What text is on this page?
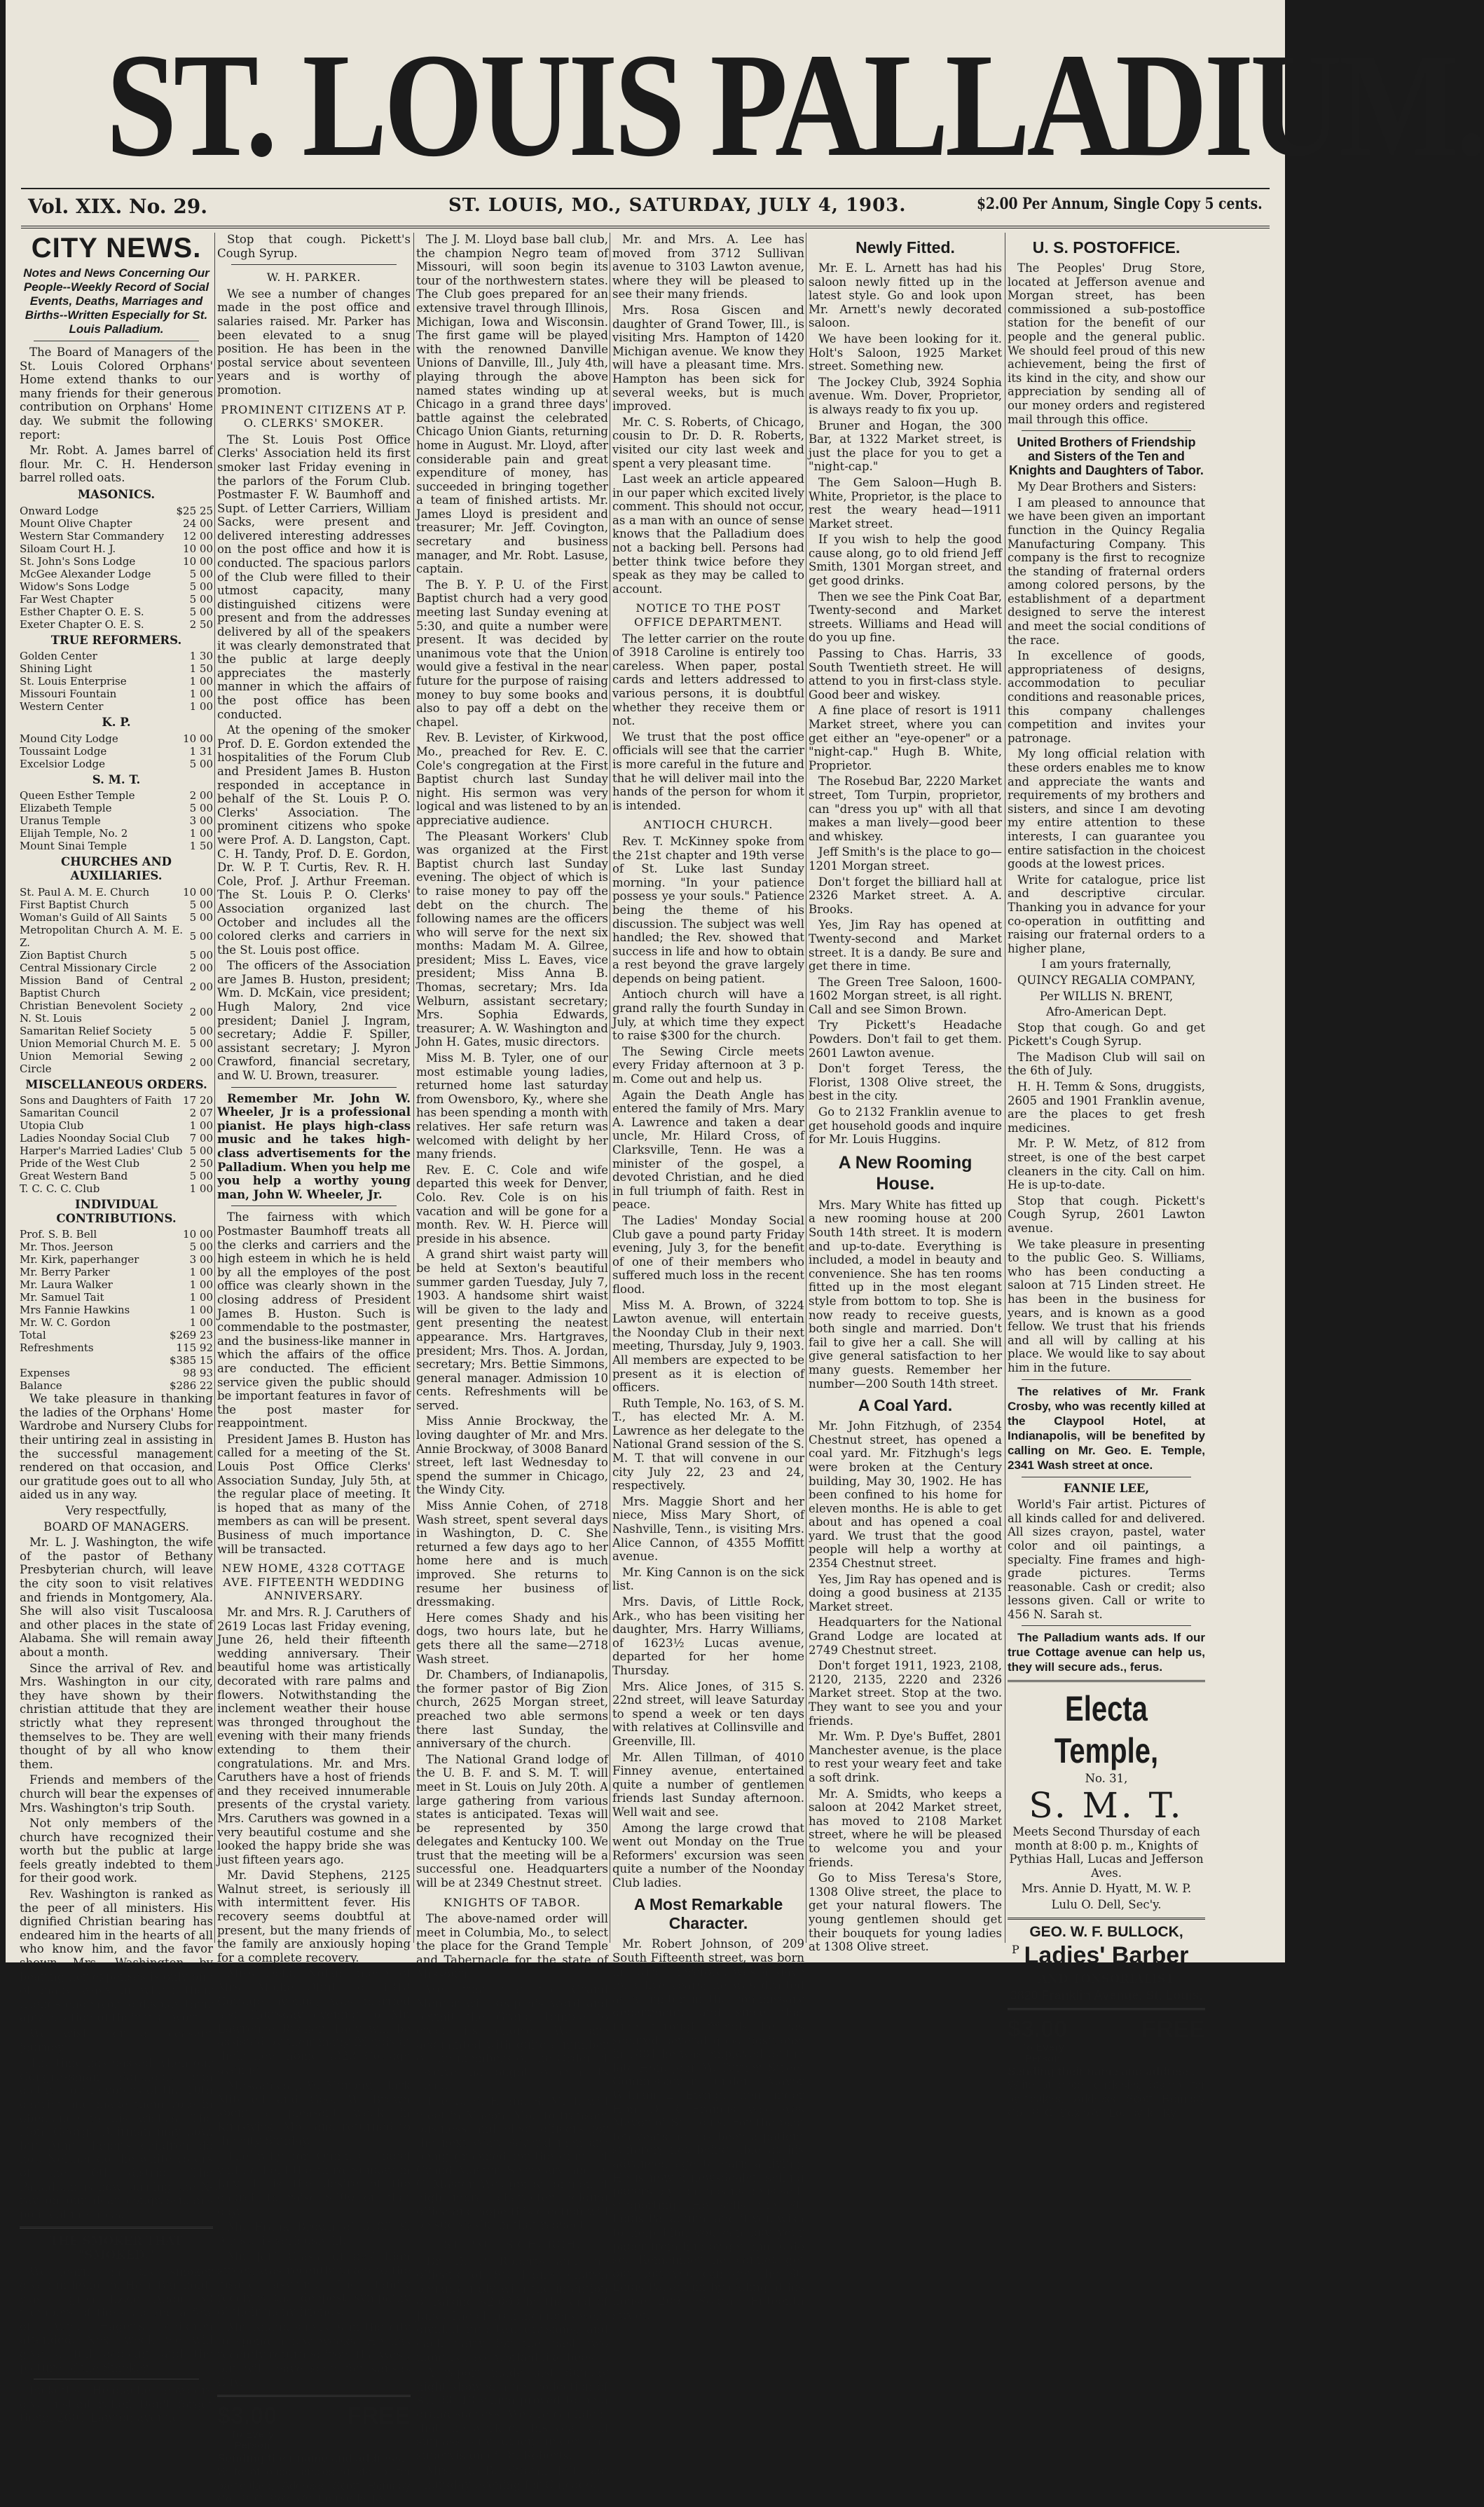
ST. LOUIS PALLADIUM.
Vol. XIX. No. 29.	ST. LOUIS, MO., SATURDAY, JULY 4, 1903.	$2.00 Per Annum, Single Copy 5 cents.
CITY NEWS.
Notes and News Concerning Our People--Weekly Record of Social Events, Deaths, Marriages and Births--Written Especially for St. Louis Palladium.

The Board of Managers of the St. Louis Colored Orphans' Home extend thanks to our many friends for their generous contribution on Orphans' Home day. We submit the following report:

Mr. Robt. A. James barrel of flour. Mr. C. H. Henderson barrel rolled oats.

MASONICS.
Onward Lodge	$25 25
Mount Olive Chapter	24 00
Western Star Commandery	12 00
Siloam Court H. J.	10 00
St. John's Sons Lodge	10 00
McGee Alexander Lodge	5 00
Widow's Sons Lodge	5 00
Far West Chapter	5 00
Esther Chapter O. E. S.	5 00
Exeter Chapter O. E. S.	2 50
TRUE REFORMERS.
Golden Center	1 30
Shining Light	1 50
St. Louis Enterprise	1 00
Missouri Fountain	1 00
Western Center	1 00
K. P.
Mound City Lodge	10 00
Toussaint Lodge	1 31
Excelsior Lodge	5 00
S. M. T.
Queen Esther Temple	2 00
Elizabeth Temple	5 00
Uranus Temple	3 00
Elijah Temple, No. 2	1 00
Mount Sinai Temple	1 50
CHURCHES AND AUXILIARIES.
St. Paul A. M. E. Church	10 00
First Baptist Church	5 00
Woman's Guild of All Saints	5 00
Metropolitan Church A. M. E. Z.	5 00
Zion Baptist Church	5 00
Central Missionary Circle	2 00
Mission Band of Central Baptist Church	2 00
Christian Benevolent Society N. St. Louis	2 00
Samaritan Relief Society	5 00
Union Memorial Church M. E.	5 00
Union Memorial Sewing Circle	2 00
MISCELLANEOUS ORDERS.
Sons and Daughters of Faith	17 20
Samaritan Council	2 07
Utopia Club	1 00
Ladies Noonday Social Club	7 00
Harper's Married Ladies' Club	5 00
Pride of the West Club	2 50
Great Western Band	5 00
T. C. C. C. Club	1 00
INDIVIDUAL CONTRIBUTIONS.
Prof. S. B. Bell	10 00
Mr. Thos. Jeerson	5 00
Mr. Kirk, paperhanger	3 00
Mr. Berry Parker	1 00
Mr. Laura Walker	1 00
Mr. Samuel Tait	1 00
Mrs Fannie Hawkins	1 00
Mr. W. C. Gordon	1 00
Total	$269 23
Refreshments	115 92
	$385 15
Expenses	98 93
Balance	$286 22

We take pleasure in thanking the ladies of the Orphans' Home Wardrobe and Nursery Clubs for their untiring zeal in assisting in the successful management rendered on that occasion, and our gratitude goes out to all who aided us in any way.

Very respectfully,

BOARD OF MANAGERS.

Mr. L. J. Washington, the wife of the pastor of Bethany Presbyterian church, will leave the city soon to visit relatives and friends in Montgomery, Ala. She will also visit Tuscaloosa and other places in the state of Alabama. She will remain away about a month.

Since the arrival of Rev. and Mrs. Washington in our city, they have shown by their christian attitude that they are strictly what they represent themselves to be. They are well thought of by all who know them.

Friends and members of the church will bear the expenses of Mrs. Washington's trip South.

Not only members of the church have recognized their worth but the public at large feels greatly indebted to them for their good work.

Rev. Washington is ranked as the peer of all ministers. His dignified Christian bearing has endeared him in the hearts of all who know him, and the favor shown Mrs. Washington by bearing her expenses is only one of many ways in which their friends endeavor to display their appreciation of their true worth.

We wish her a pleasant journey.

The time has passed when our Congressman Bartholdt can dictate to the voters of the 10th district and make them vote in obedience to his wishes. The Hon. George Beirman may bow, but Aunt Hager's children do not. Neither do the white voters of the 10th district. The Palladium is now turning the X-ray on our dear congressman's political methods.

THE SMOKER THAT "SMOKED."

We learn that the smoker given in honor of Herr Bartholdt was a great fizzle. About 50 members of the club and a few of Aunt Hager's children attended. Next week we will give a full account and the picture of the Smoker.

Pickett's Headache Powders give instant relief. Don't forget them. 2601 Lawton avenue.

Stop that cough. Pickett's Cough Syrup.

W. H. PARKER.

We see a number of changes made in the post office and salaries raised. Mr. Parker has been elevated to a snug position. He has been in the postal service about seventeen years and is worthy of promotion.

PROMINENT CITIZENS AT P. O. CLERKS' SMOKER.

The St. Louis Post Office Clerks' Association held its first smoker last Friday evening in the parlors of the Forum Club. Postmaster F. W. Baumhoff and Supt. of Letter Carriers, William Sacks, were present and delivered interesting addresses on the post office and how it is conducted. The spacious parlors of the Club were filled to their utmost capacity, many distinguished citizens were present and from the addresses delivered by all of the speakers it was clearly demonstrated that the public at large deeply appreciates the masterly manner in which the affairs of the post office has been conducted.

At the opening of the smoker Prof. D. E. Gordon extended the hospitalities of the Forum Club and President James B. Huston responded in acceptance in behalf of the St. Louis P. O. Clerks' Association. The prominent citizens who spoke were Prof. A. D. Langston, Capt. C. H. Tandy, Prof. D. E. Gordon, Dr. W. P. T. Curtis, Rev. R. H. Cole, Prof. J. Arthur Freeman. The St. Louis P. O. Clerks' Association organized last October and includes all the colored clerks and carriers in the St. Louis post office.

The officers of the Association are James B. Huston, president; Wm. D. McKain, vice president; Hugh Malory, 2nd vice president; Daniel J. Ingram, secretary; Addie F. Spiller, assistant secretary; J. Myron Crawford, financial secretary, and W. U. Brown, treasurer.

Remember Mr. John W. Wheeler, Jr is a professional pianist. He plays high-class music and he takes high-class advertisements for the Palladium. When you help me you help a worthy young man, John W. Wheeler, Jr.

The fairness with which Postmaster Baumhoff treats all the clerks and carriers and the high esteem in which he is held by all the employes of the post office was clearly shown in the closing address of President James B. Huston. Such is commendable to the postmaster, and the business-like manner in which the affairs of the office are conducted. The efficient service given the public should be important features in favor of the post master for reappointment.

President James B. Huston has called for a meeting of the St. Louis Post Office Clerks' Association Sunday, July 5th, at the regular place of meeting. It is hoped that as many of the members as can will be present. Business of much importance will be transacted.

NEW HOME, 4328 COTTAGE AVE. FIFTEENTH WEDDING ANNIVERSARY.

Mr. and Mrs. R. J. Caruthers of 2619 Locas last Friday evening, June 26, held their fifteenth wedding anniversary. Their beautiful home was artistically decorated with rare palms and flowers. Notwithstanding the inclement weather their house was thronged throughout the evening with their many friends extending to them their congratulations. Mr. and Mrs. Caruthers have a host of friends and they received innumerable presents of the crystal variety. Mrs. Caruthers was gowned in a very beautiful costume and she looked the happy bride she was just fifteen years ago.

Mr. David Stephens, 2125 Walnut street, is seriously ill with intermittent fever. His recovery seems doubtful at present, but the many friends of the family are anxiously hoping for a complete recovery.

Miss Della Nolan, niece of Mrs. Mollie Offutt, of 4318 Cottage avenue, was married last Thursday evening to Mr. Lawrence Rucker. They will be assisted by their many friends at their new home 4328 Cottage avenue.

Mesdames J. W. Murphy, Clark Mitchell and Geo. W. Brown spent a pleasant week in Kimswick, Mo., and returned to the city Sunday.

The rally for Quinn's Chapel will be held the third Sunday in July. It is the desire of the church to raise $300 on that day.

Mr. Frank Brown of 6103 S. 9th st., is seriously ill.

Mr. Jeff. Glass, of 827 Idon street, was recently taken to the insane asylum. The family receives the deepest sympathy of their many friends.

Mr. Riland shells is in the city to spend a few weeks. He has recently returned from the West, but will leave soon for Kansas City.

$3.00 FREE To Every Person
Sending their name and address.
Write at once, enclosing stamp, for particulars. Address Scott Remedy Co., P. O. Box 570, Louisville, Ky.

The J. M. Lloyd base ball club, the champion Negro team of Missouri, will soon begin its tour of the northwestern states. The Club goes prepared for an extensive travel through Illinois, Michigan, Iowa and Wisconsin. The first game will be played with the renowned Danville Unions of Danville, Ill., July 4th, playing through the above named states winding up at Chicago in a grand three days' battle against the celebrated Chicago Union Giants, returning home in August. Mr. Lloyd, after considerable pain and great expenditure of money, has succeeded in bringing together a team of finished artists. Mr. James Lloyd is president and treasurer; Mr. Jeff. Covington, secretary and business manager, and Mr. Robt. Lasuse, captain.

The B. Y. P. U. of the First Baptist church had a very good meeting last Sunday evening at 5:30, and quite a number were present. It was decided by unanimous vote that the Union would give a festival in the near future for the purpose of raising money to buy some books and also to pay off a debt on the chapel.

Rev. B. Levister, of Kirkwood, Mo., preached for Rev. E. C. Cole's congregation at the First Baptist church last Sunday night. His sermon was very logical and was listened to by an appreciative audience.

The Pleasant Workers' Club was organized at the First Baptist church last Sunday evening. The object of which is to raise money to pay off the debt on the church. The following names are the officers who will serve for the next six months: Madam M. A. Gilree, president; Miss L. Eaves, vice president; Miss Anna B. Thomas, secretary; Mrs. Ida Welburn, assistant secretary; Mrs. Sophia Edwards, treasurer; A. W. Washington and John H. Gates, music directors.

Miss M. B. Tyler, one of our most estimable young ladies, returned home last saturday from Owensboro, Ky., where she has been spending a month with relatives. Her safe return was welcomed with delight by her many friends.

Rev. E. C. Cole and wife departed this week for Denver, Colo. Rev. Cole is on his vacation and will be gone for a month. Rev. W. H. Pierce will preside in his absence.

A grand shirt waist party will be held at Sexton's beautiful summer garden Tuesday, July 7, 1903. A handsome shirt waist will be given to the lady and gent presenting the neatest appearance. Mrs. Hartgraves, president; Mrs. Thos. A. Jordan, secretary; Mrs. Bettie Simmons, general manager. Admission 10 cents. Refreshments will be served.

Miss Annie Brockway, the loving daughter of Mr. and Mrs. Annie Brockway, of 3008 Banard street, left last Wednesday to spend the summer in Chicago, the Windy City.

Miss Annie Cohen, of 2718 Wash street, spent several days in Washington, D. C. She returned a few days ago to her home here and is much improved. She returns to resume her business of dressmaking.

Here comes Shady and his dogs, two hours late, but he gets there all the same—2718 Wash street.

Dr. Chambers, of Indianapolis, the former pastor of Big Zion church, 2625 Morgan street, preached two able sermons there last Sunday, the anniversary of the church.

The National Grand lodge of the U. B. F. and S. M. T. will meet in St. Louis on July 20th. A large gathering from various states is anticipated. Texas will be represented by 350 delegates and Kentucky 100. We trust that the meeting will be a successful one. Headquarters will be at 2349 Chestnut street.

KNIGHTS OF TABOR.

The above-named order will meet in Columbia, Mo., to select the place for the Grand Temple and Tabernacle for the state of Missouri.

We trust that the Grand Mentor will keep his word and permit the Grand Temple to erect its choice. We are acquainted with quite a number of the members of the Order of Twelve that ought to be at its head.

The U. B. F. and S. M. T. will meet in Macon, Mo., to transact business and elect officers for the next year. Several men are being groomed for the office of Grand Master, Secretary and D. G. Master. We approve of men of high moral character holding office and hope this election will be successful in that respect.

ST. PAUL'S CHURCH.

Dr. D. P. Roberts and the officers of St. Paul's church began a rally with the intention of raising $2,000 by the end of June. The church members were divided into two divisions, and each party for the past two months have worked like bees.

A report made last Sunday night showed a net collection of $1,708.10 which proved to be a grand success. We are confident that the work of this year will surpass any other, under the supervision of Dr. Roberts.

Mrs. R. B. Stovall left last Thursday evening for Chicago.

Mr. and Mrs. A. Lee has moved from 3712 Sullivan avenue to 3103 Lawton avenue, where they will be pleased to see their many friends.

Mrs. Rosa Giscen and daughter of Grand Tower, Ill., is visiting Mrs. Hampton of 1420 Michigan avenue. We know they will have a pleasant time. Mrs. Hampton has been sick for several weeks, but is much improved.

Mr. C. S. Roberts, of Chicago, cousin to Dr. D. R. Roberts, visited our city last week and spent a very pleasant time.

Last week an article appeared in our paper which excited lively comment. This should not occur, as a man with an ounce of sense knows that the Palladium does not a backing bell. Persons had better think twice before they speak as they may be called to account.

NOTICE TO THE POST OFFICE DEPARTMENT.

The letter carrier on the route of 3918 Caroline is entirely too careless. When paper, postal cards and letters addressed to various persons, it is doubtful whether they receive them or not.

We trust that the post office officials will see that the carrier is more careful in the future and that he will deliver mail into the hands of the person for whom it is intended.

ANTIOCH CHURCH.

Rev. T. McKinney spoke from the 21st chapter and 19th verse of St. Luke last Sunday morning. "In your patience possess ye your souls." Patience being the theme of his discussion. The subject was well handled; the Rev. showed that success in life and how to obtain a rest beyond the grave largely depends on being patient.

Antioch church will have a grand rally the fourth Sunday in July, at which time they expect to raise $300 for the church.

The Sewing Circle meets every Friday afternoon at 3 p. m. Come out and help us.

Again the Death Angle has entered the family of Mrs. Mary A. Lawrence and taken a dear uncle, Mr. Hilard Cross, of Clarksville, Tenn. He was a minister of the gospel, a devoted Christian, and he died in full triumph of faith. Rest in peace.

The Ladies' Monday Social Club gave a pound party Friday evening, July 3, for the benefit of one of their members who suffered much loss in the recent flood.

Miss M. A. Brown, of 3224 Lawton avenue, will entertain the Noonday Club in their next meeting, Thursday, July 9, 1903. All members are expected to be present as it is election of officers.

Ruth Temple, No. 163, of S. M. T., has elected Mr. A. M. Lawrence as her delegate to the National Grand session of the S. M. T. that will convene in our city July 22, 23 and 24, respectively.

Mrs. Maggie Short and her niece, Miss Mary Short, of Nashville, Tenn., is visiting Mrs. Alice Cannon, of 4355 Moffitt avenue.

Mr. King Cannon is on the sick list.

Mrs. Davis, of Little Rock, Ark., who has been visiting her daughter, Mrs. Harry Williams, of 1623½ Lucas avenue, departed for her home Thursday.

Mrs. Alice Jones, of 315 S. 22nd street, will leave Saturday to spend a week or ten days with relatives at Collinsville and Greenville, Ill.

Mr. Allen Tillman, of 4010 Finney avenue, entertained quite a number of gentlemen friends last Sunday afternoon. Well wait and see.

Among the large crowd that went out Monday on the True Reformers' excursion was seen quite a number of the Noonday Club ladies.

A Most Remarkable Character.

Mr. Robert Johnson, of 209 South Fifteenth street, was born in 1815; therefore, was a slave forty-five years; he was drafted as a fighter in the commissary department, and since that time, through friends, he has secured several good positions; in 1881 he was employed by the late Hon. John W. Turner, Street Commissioner under Mayor William L. Ewing, then under Hon. D. R. Francis, who was Mayor of St. Louis. For the past ten years he has been a patient sufferer; not being able at his advanced age to earn a living. He is now a newsdealer, selling papers; by that means he is self-supporting. He sells the St. Louis Palladium, and if you wish to help him, you can buy your paper from him or get him to do so. Remember he cannot get out, but you can get the St. Louis Palladium by calling at his house—209 South Fifteenth street.

Newly Fitted.

Mr. E. L. Arnett has had his saloon newly fitted up in the latest style. Go and look upon Mr. Arnett's newly decorated saloon.

We have been looking for it. Holt's Saloon, 1925 Market street. Something new.

The Jockey Club, 3924 Sophia avenue. Wm. Dover, Proprietor, is always ready to fix you up.

Bruner and Hogan, the 300 Bar, at 1322 Market street, is just the place for you to get a "night-cap."

The Gem Saloon—Hugh B. White, Proprietor, is the place to rest the weary head—1911 Market street.

If you wish to help the good cause along, go to old friend Jeff Smith, 1301 Morgan street, and get good drinks.

Then we see the Pink Coat Bar, Twenty-second and Market streets. Williams and Head will do you up fine.

Passing to Chas. Harris, 33 South Twentieth street. He will attend to you in first-class style. Good beer and wiskey.

A fine place of resort is 1911 Market street, where you can get either an "eye-opener" or a "night-cap." Hugh B. White, Proprietor.

The Rosebud Bar, 2220 Market street, Tom Turpin, proprietor, can "dress you up" with all that makes a man lively—good beer and whiskey.

Jeff Smith's is the place to go—1201 Morgan street.

Don't forget the billiard hall at 2326 Market street. A. A. Brooks.

Yes, Jim Ray has opened at Twenty-second and Market street. It is a dandy. Be sure and get there in time.

The Green Tree Saloon, 1600-1602 Morgan street, is all right. Call and see Simon Brown.

Try Pickett's Headache Powders. Don't fail to get them. 2601 Lawton avenue.

Don't forget Teress, the Florist, 1308 Olive street, the best in the city.

Go to 2132 Franklin avenue to get household goods and inquire for Mr. Louis Huggins.

A New Rooming House.

Mrs. Mary White has fitted up a new rooming house at 200 South 14th street. It is modern and up-to-date. Everything is included, a model in beauty and convenience. She has ten rooms fitted up in the most elegant style from bottom to top. She is now ready to receive guests, both single and married. Don't fail to give her a call. She will give general satisfaction to her many guests. Remember her number—200 South 14th street.

A Coal Yard.

Mr. John Fitzhugh, of 2354 Chestnut street, has opened a coal yard. Mr. Fitzhugh's legs were broken at the Century building, May 30, 1902. He has been confined to his home for eleven months. He is able to get about and has opened a coal yard. We trust that the good people will help a worthy at 2354 Chestnut street.

Yes, Jim Ray has opened and is doing a good business at 2135 Market street.

Headquarters for the National Grand Lodge are located at 2749 Chestnut street.

Don't forget 1911, 1923, 2108, 2120, 2135, 2220 and 2326 Market street. Stop at the two. They want to see you and your friends.

Mr. Wm. P. Dye's Buffet, 2801 Manchester avenue, is the place to rest your weary feet and take a soft drink.

Mr. A. Smidts, who keeps a saloon at 2042 Market street, has moved to 2108 Market street, where he will be pleased to welcome you and your friends.

Go to Miss Teresa's Store, 1308 Olive street, the place to get your natural flowers. The young gentlemen should get their bouquets for young ladies at 1308 Olive street.

U. S. POSTOFFICE.

The Peoples' Drug Store, located at Jefferson avenue and Morgan street, has been commissioned a sub-postoffice station for the benefit of our people and the general public. We should feel proud of this new achievement, being the first of its kind in the city, and show our appreciation by sending all of our money orders and registered mail through this office.

United Brothers of Friendship and Sisters of the Ten and Knights and Daughters of Tabor.

My Dear Brothers and Sisters:

I am pleased to announce that we have been given an important function in the Quincy Regalia Manufacturing Company. This company is the first to recognize the standing of fraternal orders among colored persons, by the establishment of a department designed to serve the interest and meet the social conditions of the race.

In excellence of goods, appropriateness of designs, accommodation to peculiar conditions and reasonable prices, this company challenges competition and invites your patronage.

My long official relation with these orders enables me to know and appreciate the wants and requirements of my brothers and sisters, and since I am devoting my entire attention to these interests, I can guarantee you entire satisfaction in the choicest goods at the lowest prices.

Write for catalogue, price list and descriptive circular. Thanking you in advance for your co-operation in outfitting and raising our fraternal orders to a higher plane,

I am yours fraternally,

QUINCY REGALIA COMPANY,

Per WILLIS N. BRENT,

Afro-American Dept.

Stop that cough. Go and get Pickett's Cough Syrup.

The Madison Club will sail on the 6th of July.

H. H. Temm & Sons, druggists, 2605 and 1901 Franklin avenue, are the places to get fresh medicines.

Mr. P. W. Metz, of 812 from street, is one of the best carpet cleaners in the city. Call on him. He is up-to-date.

Stop that cough. Pickett's Cough Syrup, 2601 Lawton avenue.

We take pleasure in presenting to the public Geo. S. Williams, who has been conducting a saloon at 715 Linden street. He has been in the business for years, and is known as a good fellow. We trust that his friends and all will by calling at his place. We would like to say about him in the future.

The relatives of Mr. Frank Crosby, who was recently killed at the Claypool Hotel, at Indianapolis, will be benefited by calling on Mr. Geo. E. Temple, 2341 Wash street at once.

FANNIE LEE,

World's Fair artist. Pictures of all kinds called for and delivered. All sizes crayon, pastel, water color and oil paintings, a specialty. Fine frames and high-grade pictures. Terms reasonable. Cash or credit; also lessons given. Call or write to 456 N. Sarah st.

The Palladium wants ads. If our true Cottage avenue can help us, they will secure ads., ferus.

Electa Temple,
No. 31,
S. M. T.

Meets Second Thursday of each month at 8:00 p. m., Knights of Pythias Hall, Lucas and Jefferson Aves.

Mrs. Annie D. Hyatt, M. W. P.

Lulu O. Dell, Sec'y.

GEO. W. F. BULLOCK,
Ladies' Barber
AND TONSORIALIST
3820 Franklin Avenue, St. Louis.
$3.00 FREE To Every Person
Sending their name and address.
Write at once, enclosing stamp, for particulars. Address Scott Remedy Co., P. O. Box 570, Louisville, Ky.
P
